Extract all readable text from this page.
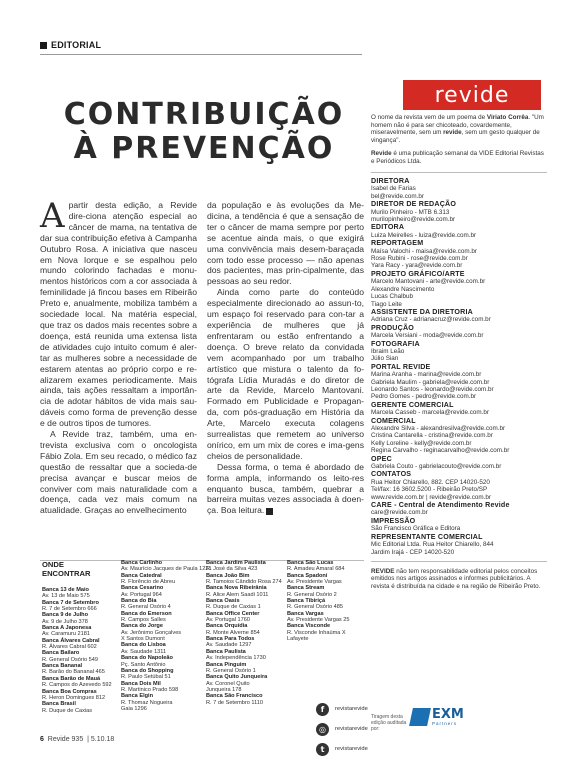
EDITORIAL
CONTRIBUIÇÃO
À PREVENÇÃO

Apartir desta edição, a Revide dire-ciona atenção especial ao câncer de mama, na tentativa de dar sua contribuição efetiva à Campanha Outubro Rosa. A iniciativa que nasceu em Nova Iorque e se espalhou pelo mundo colorindo fachadas e monu-mentos históricos com a cor associada à feminilidade já fincou bases em Ribeirão Preto e, anualmente, mobiliza também a sociedade local. Na matéria especial, que traz os dados mais recentes sobre a doença, está reunida uma extensa lista de atividades cujo intuito comum é aler-tar as mulheres sobre a necessidade de estarem atentas ao próprio corpo e re-alizarem exames periodicamente. Mais ainda, tais ações ressaltam a importân-cia de adotar hábitos de vida mais sau-dáveis como forma de prevenção desse e de outros tipos de tumores.

A Revide traz, também, uma en-trevista exclusiva com o oncologista Fábio Zola. Em seu recado, o médico faz questão de ressaltar que a socieda-de precisa avançar e buscar meios de conviver com mais naturalidade com a doença, cada vez mais comum na atualidade. Graças ao envelhecimento

da população e às evoluções da Me-dicina, a tendência é que a sensação de ter o câncer de mama sempre por perto se acentue ainda mais, o que exigirá uma convivência mais desem-baraçada com todo esse processo — não apenas dos pacientes, mas prin-cipalmente, das pessoas ao seu redor.

Ainda como parte do conteúdo especialmente direcionado ao assun-to, um espaço foi reservado para con-tar a experiência de mulheres que já enfrentaram ou estão enfrentando a doença. O breve relato da convidada vem acompanhado por um trabalho artístico que mistura o talento da fo-tógrafa Lídia Muradás e do diretor de arte da Revide, Marcelo Mantovani. Formado em Publicidade e Propagan-da, com pós-graduação em História da Arte, Marcelo executa colagens surrealistas que remetem ao universo onírico, em um mix de cores e ima-gens cheios de personalidade.

Dessa forma, o tema é abordado de forma ampla, informando os leito-res enquanto busca, também, quebrar a barreira muitas vezes associada à doen-ça. Boa leitura.

ONDE
ENCONTRAR
Banca 13 de Maio
Av. 13 de Maio 575
Banca 7 de Setembro
R. 7 de Setembro 666
Banca 9 de Julho
Av. 9 de Julho 378
Banca A Japonesa
Av. Caramuru 2181
Banca Álvares Cabral
R. Álvares Cabral 602
Banca Bailaro
R. General Osório 549
Banca Bananal
R. Barão do Bananal 465
Banca Barão de Mauá
R. Campos do Azevedo 592
Banca Boa Compras
R. Heron Domingues 812
Banca Brasil
R. Duque de Caxias
Banca Carlinho
Av. Maurício Jacques de Paula 1221
Banca Catedral
R. Florêncio de Abreu
Banca Cesarino
Av. Portugal 964
Banca do Bia
R. General Osório 4
Banca do Emerson
R. Campos Salles
Banca do Jorge
Av. Jerônimo Gonçalves
X Santos Dumont
Banca do Lisboa
Av. Saudade 1311
Banca do Napoleão
Pç. Santo Antônio
Banca do Shopping
R. Paulo Setúbal 51
Banca Dois Mil
R. Martinico Prado 598
Banca Elgin
R. Thomaz Nogueira
Gaia 1296
Banca Jardim Paulista
R. José da Silva 423
Banca João Bim
R. Tamoios Cândido Rosa 274
Banca Nova Ribeirânia
R. Alice Alem Saadi 1011
Banca Oasis
R. Duque de Caxias 1
Banca Office Center
Av. Portugal 1760
Banca Orquídia
R. Monte Alverne 854
Banca Para Todos
Av. Saudade 1297
Banca Paulista
Av. Independência 1730
Banca Pinguim
R. General Osório 1
Banca Quito Junqueira
Av. Coronel Quito
Junqueira 178
Banca São Francisco
R. 7 de Setembro 1110
Banca São Lucas
R. Amadeu Amaral 684
Banca Spadoni
Av. Presidente Vargas
Banca Stream
R. General Osório 2
Banca Tibiriçá
R. General Osório 485
Banca Vargas
Av. Presidente Vargas 25
Banca Visconde
R. Visconde Inhaúma X
Lafayete
f	revistarevide
◎	revistarevide
t	revistarevide
6 Revide 935  | 5.10.18
revide
O nome da revista vem de um poema de Viriato Corrêa. "Um homem não é para ser chicoteado, covardemente, miseravelmente, sem um revide, sem um gesto qualquer de vingança".
Revide é uma publicação semanal da VIDE Editorial Revistas e Periódicos Ltda.
DIRETORA
Isabel de Farias
bel@revide.com.br
DIRETOR DE REDAÇÃO
Murilo Pinheiro - MTB 6.313
murilopinheiro@revide.com.br
EDITORA
Luiza Meirelles - luiza@revide.com.br
REPORTAGEM
Maísa Valochi - maisa@revide.com.br
Rose Rubini - rose@revide.com.br
Yara Racy - yara@revide.com.br
PROJETO GRÁFICO/ARTE
Marcelo Mantovani - arte@revide.com.br
Alexandre Nascimento
Lucas Chalbub
Tiago Leite
ASSISTENTE DA DIRETORIA
Adriana Cruz - adrianacruz@revide.com.br
PRODUÇÃO
Marcela Versiani - moda@revide.com.br
FOTOGRAFIA
Ibraim Leão
Júlio Sian
PORTAL REVIDE
Marina Aranha - marina@revide.com.br
Gabriela Maulim - gabriela@revide.com.br
Leonardo Santos - leonardo@revide.com.br
Pedro Gomes - pedro@revide.com.br
GERENTE COMERCIAL
Marcela Casseb - marcela@revide.com.br
COMERCIAL
Alexandre Silva - alexandresilva@revide.com.br
Cristina Cantarella - cristina@revide.com.br
Kelly Loreline - kelly@revide.com.br
Regina Carvalho - reginacarvalho@revide.com.br
OPEC
Gabriela Couto - gabrielacouto@revide.com.br
CONTATOS
Rua Heitor Chiarello, 882. CEP 14020-520
Tel/fax: 16 3602.5200 - Ribeirão Preto/SP
www.revide.com.br | revide@revide.com.br
CARE - Central de Atendimento Revide
care@revide.com.br
IMPRESSÃO
São Francisco Gráfica e Editora
REPRESENTANTE COMERCIAL
Mic Editorial Ltda. Rua Heitor Chiarello, 844
Jardim Irajá - CEP 14020-520
REVIDE não tem responsabilidade editorial pelos conceitos emitidos nos artigos assinados e informes publicitários. A revista é distribuída na cidade e na região de Ribeirão Preto.
Tiragem desta edição auditada por:
EXM
Partners
